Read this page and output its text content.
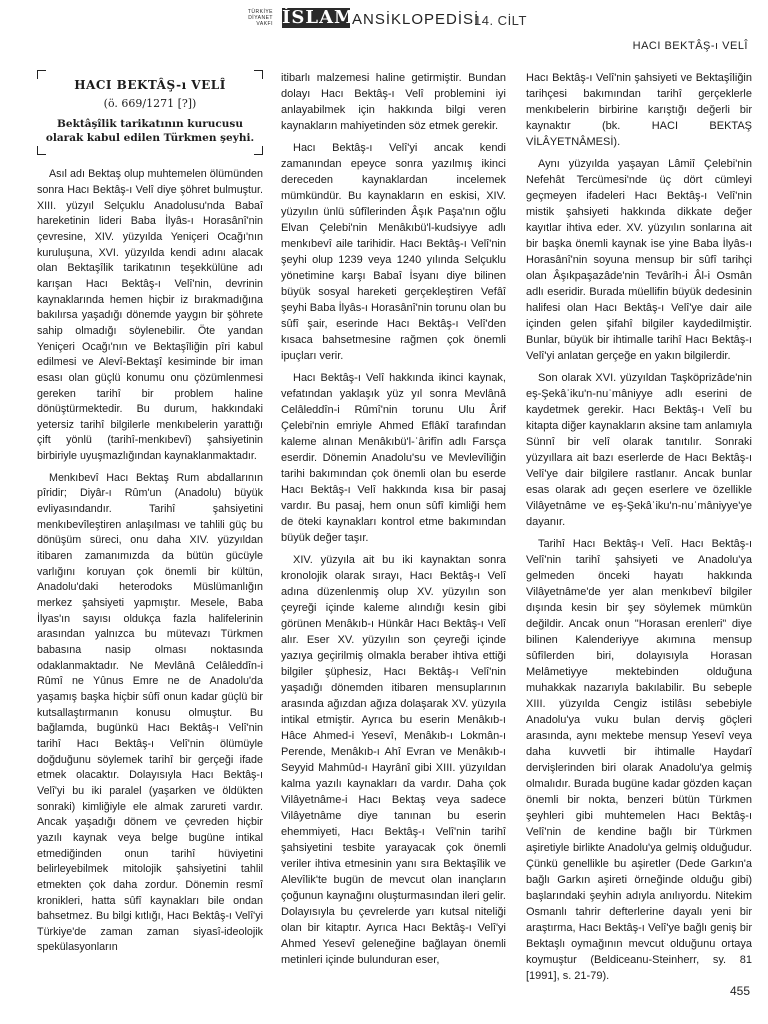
TÜRKİYE
DİYANET
VAKFI İSLAM
ANSİKLOPEDİSİ
14. CİLT
HACI BEKTÂŞ-ı VELÎ
HACI BEKTÂŞ-ı VELÎ
(ö. 669/1271 [?])
Bektâşîlik tarikatının kurucusu olarak kabul edilen Türkmen şeyhi.

Asıl adı Bektaş olup muhtemelen ölümünden sonra Hacı Bektâş-ı Velî diye şöhret bulmuştur. XIII. yüzyıl Selçuklu Anadolusu'nda Babaî hareketinin lideri Baba İlyâs-ı Horasânî'nin çevresine, XIV. yüzyılda Yeniçeri Ocağı'nın kuruluşuna, XVI. yüzyılda kendi adını alacak olan Bektaşîlik tarikatının teşekkülüne adı karışan Hacı Bektâş-ı Velî'nin, devrinin kaynaklarında hemen hiçbir iz bırakmadığına bakılırsa yaşadığı dönemde yaygın bir şöhrete sahip olmadığı söylenebilir. Öte yandan Yeniçeri Ocağı'nın ve Bektaşîliğin pîri kabul edilmesi ve Alevî-Bektaşî kesiminde bir iman esası olan güçlü konumu onu çözümlenmesi gereken tarihî bir problem haline dönüştürmektedir. Bu durum, hakkındaki yetersiz tarihî bilgilerle menkıbelerin yarattığı çift yönlü (tarihî-menkıbevî) şahsiyetinin birbiriyle uyuşmazlığından kaynaklanmaktadır.

Menkıbevî Hacı Bektaş Rum abdallarının pîridir; Diyâr-ı Rûm'un (Anadolu) büyük evliyasındandır. Tarihî şahsiyetini menkıbevîleştiren anlaşılması ve tahlili güç bu dönüşüm süreci, onu daha XIV. yüzyıldan itibaren zamanımızda da bütün gücüyle varlığını koruyan çok önemli bir kültün, Anadolu'daki heterodoks Müslümanlığın merkez şahsiyeti yapmıştır. Mesele, Baba İlyas'ın sayısı oldukça fazla halifelerinin arasından yalnızca bu mütevazı Türkmen babasına nasip olması noktasında odaklanmaktadır. Ne Mevlânâ Celâleddîn-i Rûmî ne Yûnus Emre ne de Anadolu'da yaşamış başka hiçbir sûfî onun kadar güçlü bir kutsallaştırmanın konusu olmuştur. Bu bağlamda, bugünkü Hacı Bektâş-ı Velî'nin tarihî Hacı Bektâş-ı Velî'nin ölümüyle doğduğunu söylemek tarihî bir gerçeği ifade etmek olacaktır. Dolayısıyla Hacı Bektâş-ı Velî'yi bu iki paralel (yaşarken ve öldükten sonraki) kimliğiyle ele almak zarureti vardır. Ancak yaşadığı dönem ve çevreden hiçbir yazılı kaynak veya belge bugüne intikal etmediğinden onun tarihî hüviyetini belirleyebilmek mitolojik şahsiyetini tahlil etmekten çok daha zordur. Dönemin resmî kronikleri, hatta sûfî kaynakları bile ondan bahsetmez. Bu bilgi kıtlığı, Hacı Bektâş-ı Velî'yi Türkiye'de zaman zaman siyasî-ideolojik spekülasyonların

itibarlı malzemesi haline getirmiştir. Bundan dolayı Hacı Bektâş-ı Velî problemini iyi anlayabilmek için hakkında bilgi veren kaynakların mahiyetinden söz etmek gerekir.

Hacı Bektâş-ı Velî'yi ancak kendi zamanından epeyce sonra yazılmış ikinci dereceden kaynaklardan incelemek mümkündür. Bu kaynakların en eskisi, XIV. yüzyılın ünlü sûfîlerinden Âşık Paşa'nın oğlu Elvan Çelebi'nin Menâkıbü'l-kudsiyye adlı menkıbevî aile tarihidir. Hacı Bektâş-ı Velî'nin şeyhi olup 1239 veya 1240 yılında Selçuklu yönetimine karşı Babaî İsyanı diye bilinen büyük sosyal hareketi gerçekleştiren Vefâî şeyhi Baba İlyâs-ı Horasânî'nin torunu olan bu sûfî şair, eserinde Hacı Bektâş-ı Velî'den kısaca bahsetmesine rağmen çok önemli ipuçları verir.

Hacı Bektâş-ı Velî hakkında ikinci kaynak, vefatından yaklaşık yüz yıl sonra Mevlânâ Celâleddîn-i Rûmî'nin torunu Ulu Ârif Çelebi'nin emriyle Ahmed Eflâkî tarafından kaleme alınan Menâkıbü'l-ʿârifîn adlı Farsça eserdir. Dönemin Anadolu'su ve Mevlevîliğin tarihi bakımından çok önemli olan bu eserde Hacı Bektâş-ı Velî hakkında kısa bir pasaj vardır. Bu pasaj, hem onun sûfî kimliği hem de öteki kaynakları kontrol etme bakımından büyük değer taşır.

XIV. yüzyıla ait bu iki kaynaktan sonra kronolojik olarak sırayı, Hacı Bektâş-ı Velî adına düzenlenmiş olup XV. yüzyılın son çeyreği içinde kaleme alındığı kesin gibi görünen Menâkıb-ı Hünkâr Hacı Bektâş-ı Velî alır. Eser XV. yüzyılın son çeyreği içinde yazıya geçirilmiş olmakla beraber ihtiva ettiği bilgiler şüphesiz, Hacı Bektâş-ı Velî'nin yaşadığı dönemden itibaren mensuplarının arasında ağızdan ağıza dolaşarak XV. yüzyıla intikal etmiştir. Ayrıca bu eserin Menâkıb-ı Hâce Ahmed-i Yesevî, Menâkıb-ı Lokmân-ı Perende, Menâkıb-ı Ahî Evran ve Menâkıb-ı Seyyid Mahmûd-ı Hayrânî gibi XIII. yüzyıldan kalma yazılı kaynakları da vardır. Daha çok Vilâyetnâme-i Hacı Bektaş veya sadece Vilâyetnâme diye tanınan bu eserin ehemmiyeti, Hacı Bektâş-ı Velî'nin tarihî şahsiyetini tesbite yarayacak çok önemli veriler ihtiva etmesinin yanı sıra Bektaşîlik ve Alevîlik'te bugün de mevcut olan inançların çoğunun kaynağını oluşturmasından ileri gelir. Dolayısıyla bu çevrelerde yarı kutsal niteliği olan bir kitaptır. Ayrıca Hacı Bektâş-ı Velî'yi Ahmed Yesevî geleneğine bağlayan önemli metinleri içinde bulunduran eser,

Hacı Bektâş-ı Velî'nin şahsiyeti ve Bektaşîliğin tarihçesi bakımından tarihî gerçeklerle menkıbelerin birbirine karıştığı değerli bir kaynaktır (bk. HACI BEKTAŞ VİLÂYETNÂMESİ).

Aynı yüzyılda yaşayan Lâmiî Çelebi'nin Nefehât Tercümesi'nde üç dört cümleyi geçmeyen ifadeleri Hacı Bektâş-ı Velî'nin mistik şahsiyeti hakkında dikkate değer kayıtlar ihtiva eder. XV. yüzyılın sonlarına ait bir başka önemli kaynak ise yine Baba İlyâs-ı Horasânî'nin soyuna mensup bir sûfî tarihçi olan Âşıkpaşazâde'nin Tevârîh-i Âl-i Osmân adlı eseridir. Burada müellifin büyük dedesinin halifesi olan Hacı Bektâş-ı Velî'ye dair aile içinden gelen şifahî bilgiler kaydedilmiştir. Bunlar, büyük bir ihtimalle tarihî Hacı Bektâş-ı Velî'yi anlatan gerçeğe en yakın bilgilerdir.

Son olarak XVI. yüzyıldan Taşköprizâde'nin eş-Şekâʾiku'n-nuʿmâniyye adlı eserini de kaydetmek gerekir. Hacı Bektâş-ı Velî bu kitapta diğer kaynakların aksine tam anlamıyla Sünnî bir velî olarak tanıtılır. Sonraki yüzyıllara ait bazı eserlerde de Hacı Bektâş-ı Velî'ye dair bilgilere rastlanır. Ancak bunlar esas olarak adı geçen eserlere ve özellikle Vilâyetnâme ve eş-Şekâʾiku'n-nuʿmâniyye'ye dayanır.

Tarihî Hacı Bektâş-ı Velî. Hacı Bektâş-ı Velî'nin tarihî şahsiyeti ve Anadolu'ya gelmeden önceki hayatı hakkında Vilâyetnâme'de yer alan menkıbevî bilgiler dışında kesin bir şey söylemek mümkün değildir. Ancak onun "Horasan erenleri" diye bilinen Kalenderiyye akımına mensup sûfîlerden biri, dolayısıyla Horasan Melâmetiyye mektebinden olduğuna muhakkak nazarıyla bakılabilir. Bu sebeple XIII. yüzyılda Cengiz istilâsı sebebiyle Anadolu'ya vuku bulan derviş göçleri arasında, aynı mektebe mensup Yesevî veya daha kuvvetli bir ihtimalle Haydarî dervişlerinden biri olarak Anadolu'ya gelmiş olmalıdır. Burada bugüne kadar gözden kaçan önemli bir nokta, benzeri bütün Türkmen şeyhleri gibi muhtemelen Hacı Bektâş-ı Velî'nin de kendine bağlı bir Türkmen aşiretiyle birlikte Anadolu'ya gelmiş olduğudur. Çünkü genellikle bu aşiretler (Dede Garkın'a bağlı Garkın aşireti örneğinde olduğu gibi) başlarındaki şeyhin adıyla anılıyordu. Nitekim Osmanlı tahrir defterlerine dayalı yeni bir araştırma, Hacı Bektâş-ı Velî'ye bağlı geniş bir Bektaşlı oymağının mevcut olduğunu ortaya koymuştur (Beldiceanu-Steinherr, sy. 81 [1991], s. 21-79).

455
